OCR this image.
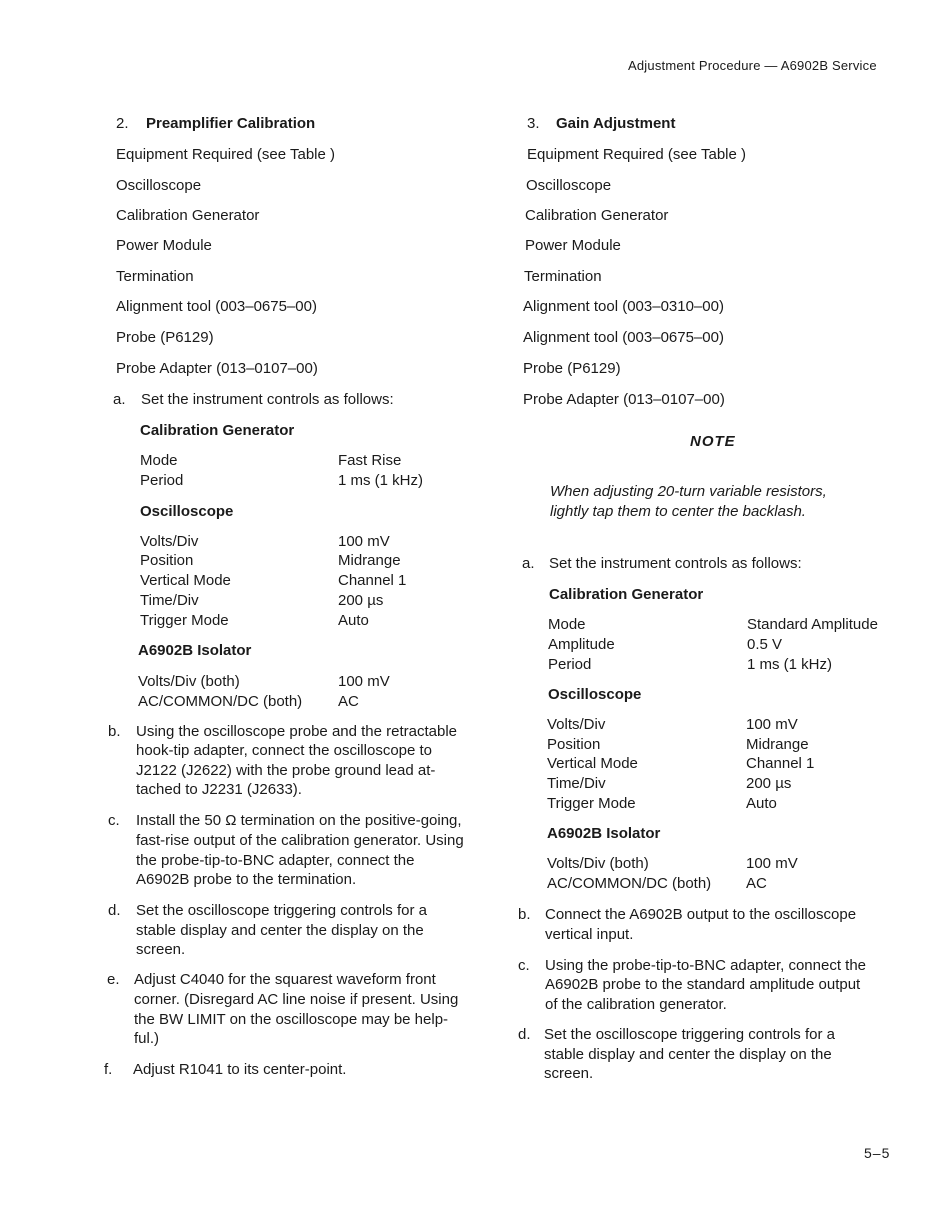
Adjustment Procedure — A6902B Service
2. Preamplifier Calibration
Equipment Required (see Table )
Oscilloscope
Calibration Generator
Power Module
Termination
Alignment tool (003–0675–00)
Probe (P6129)
Probe Adapter (013–0107–00)
a. Set the instrument controls as follows:
Calibration Generator
Mode	Fast Rise
Period	1 ms (1 kHz)
Oscilloscope
Volts/Div	100 mV
Position	Midrange
Vertical Mode	Channel 1
Time/Div	200 µs
Trigger Mode	Auto
A6902B Isolator
Volts/Div (both)	100 mV
AC/COMMON/DC (both) AC
b. Using the oscilloscope probe and the retractable
hook-tip adapter, connect the oscilloscope to
J2122 (J2622) with the probe ground lead at-
tached to J2231 (J2633).
c. Install the 50 Ω termination on the positive-going,
fast-rise output of the calibration generator. Using
the probe-tip-to-BNC adapter, connect the
A6902B probe to the termination.
d. Set the oscilloscope triggering controls for a
stable display and center the display on the
screen.
e. Adjust C4040 for the squarest waveform front
corner. (Disregard AC line noise if present. Using
the BW LIMIT on the oscilloscope may be help-
ful.)
f. Adjust R1041 to its center-point.
3. Gain Adjustment
Equipment Required (see Table )
Oscilloscope
Calibration Generator
Power Module
Termination
Alignment tool (003–0310–00)
Alignment tool (003–0675–00)
Probe (P6129)
Probe Adapter (013–0107–00)
NOTE
When adjusting 20-turn variable resistors,
lightly tap them to center the backlash.
a. Set the instrument controls as follows:
Calibration Generator
Mode	Standard Amplitude
Amplitude	0.5 V
Period	1 ms (1 kHz)
Oscilloscope
Volts/Div	100 mV
Position	Midrange
Vertical Mode	Channel 1
Time/Div	200 µs
Trigger Mode	Auto
A6902B Isolator
Volts/Div (both)	100 mV
AC/COMMON/DC (both) AC
b. Connect the A6902B output to the oscilloscope
vertical input.
c. Using the probe-tip-to-BNC adapter, connect the
A6902B probe to the standard amplitude output
of the calibration generator.
d. Set the oscilloscope triggering controls for a
stable display and center the display on the
screen.
5–5
